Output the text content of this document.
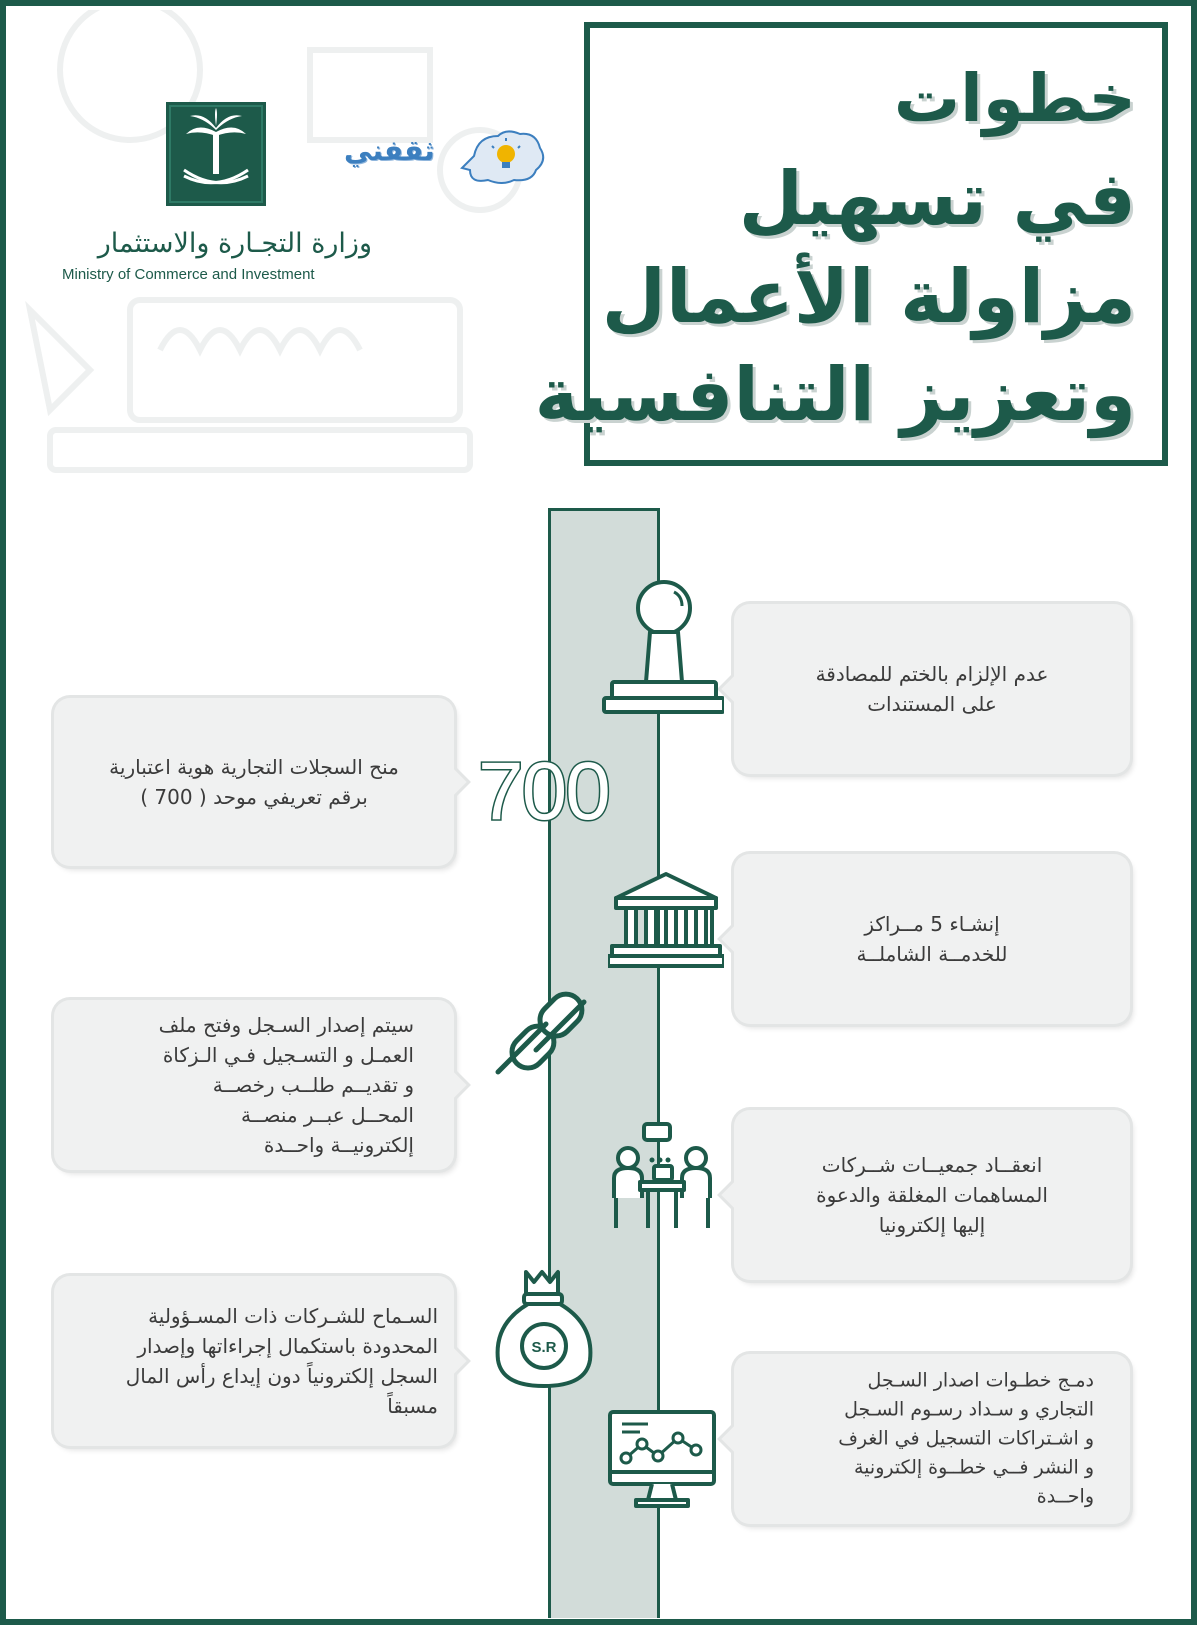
خطوات
في تسهيل
مزاولة الأعمال
وتعزيز التنافسية
وزارة التجـارة والاستثمار
Ministry of Commerce and Investment
ثقفني
عدم الإلزام بالختم للمصادقة
على المستندات
إنشـاء 5 مــراكز
للخدمــة الشاملــة
انعقــاد جمعيــات شــركات
المساهمات المغلقة والدعوة
إليها إلكترونيا
دمـج خطـوات اصدار السـجل
التجاري و سـداد رسـوم السـجل
و اشـتراكات التسجيل في الغرف
و النشر فــي خطــوة إلكترونية
واحــدة
منح السجلات التجارية هوية اعتبارية
برقم تعريفي موحد ( 700 )
سيتم إصدار السـجل وفتح ملف
العمـل و التسـجيل فـي الـزكاة
و تقديــم طلــب رخصــة
المحــل عبــر منصــة
إلكترونيــة واحــدة
السـماح للشـركات ذات المسـؤولية
المحدودة باستكمال إجراءاتها وإصدار
السجل إلكترونياً دون إيداع رأس المال
مسبقاً
700
S.R
